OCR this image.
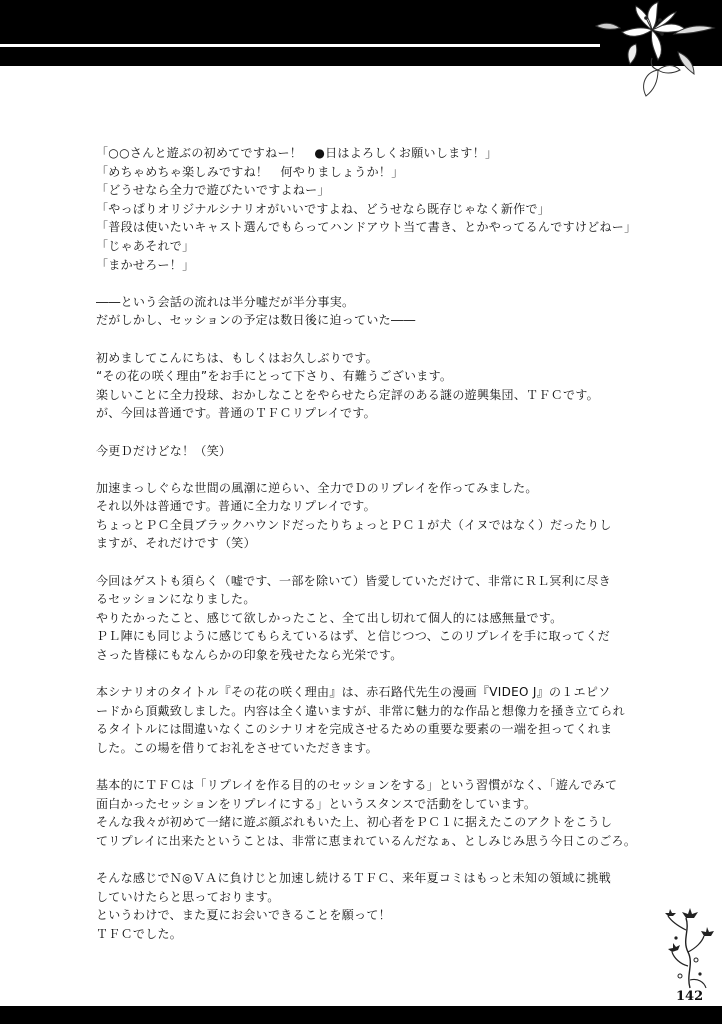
「○○さんと遊ぶの初めてですねー！　●日はよろしくお願いします！」
「めちゃめちゃ楽しみですね！　何やりましょうか！」
「どうせなら全力で遊びたいですよねー」
「やっぱりオリジナルシナリオがいいですよね、どうせなら既存じゃなく新作で」
「普段は使いたいキャスト選んでもらってハンドアウト当て書き、とかやってるんですけどねー」
「じゃあそれで」
「まかせろー！」
――という会話の流れは半分嘘だが半分事実。
だがしかし、セッションの予定は数日後に迫っていた――
初めましてこんにちは、もしくはお久しぶりです。
“その花の咲く理由”をお手にとって下さり、有難うございます。
楽しいことに全力投球、おかしなことをやらせたら定評のある謎の遊興集団、ＴＦＣです。
が、今回は普通です。普通のＴＦＣリプレイです。
今更Ｄだけどな！（笑）
加速まっしぐらな世間の風潮に逆らい、全力でＤのリプレイを作ってみました。
それ以外は普通です。普通に全力なリプレイです。
ちょっとＰＣ全員ブラックハウンドだったりちょっとＰＣ１が犬（イヌではなく）だったりし
ますが、それだけです（笑）
今回はゲストも須らく（嘘です、一部を除いて）皆愛していただけて、非常にＲＬ冥利に尽き
るセッションになりました。
やりたかったこと、感じて欲しかったこと、全て出し切れて個人的には感無量です。
ＰＬ陣にも同じように感じてもらえているはず、と信じつつ、このリプレイを手に取ってくだ
さった皆様にもなんらかの印象を残せたなら光栄です。
本シナリオのタイトル『その花の咲く理由』は、赤石路代先生の漫画『VIDEO J』の１エピソ
ードから頂戴致しました。内容は全く違いますが、非常に魅力的な作品と想像力を掻き立てられ
るタイトルには間違いなくこのシナリオを完成させるための重要な要素の一端を担ってくれま
した。この場を借りてお礼をさせていただきます。
基本的にＴＦＣは「リプレイを作る目的のセッションをする」という習慣がなく、「遊んでみて
面白かったセッションをリプレイにする」というスタンスで活動をしています。
そんな我々が初めて一緒に遊ぶ顔ぶれもいた上、初心者をＰＣ１に据えたこのアクトをこうし
てリプレイに出来たということは、非常に恵まれているんだなぁ、としみじみ思う今日このごろ。
そんな感じでＮ◎ＶＡに負けじと加速し続けるＴＦＣ、来年夏コミはもっと未知の領域に挑戦
していけたらと思っております。
というわけで、また夏にお会いできることを願って！
ＴＦＣでした。
142
